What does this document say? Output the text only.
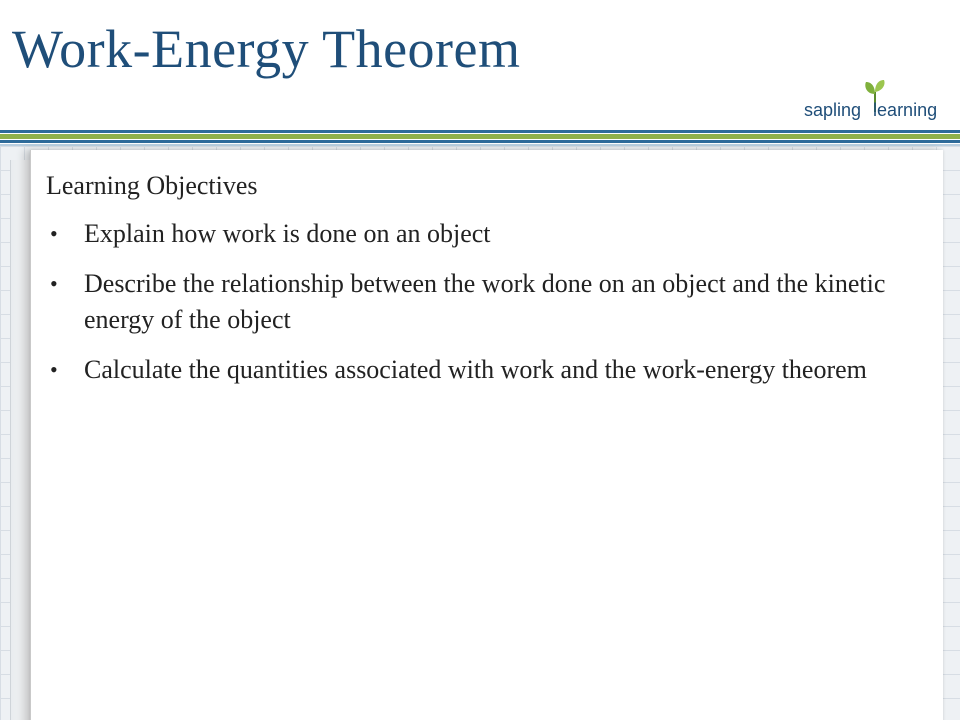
Work-Energy Theorem
sapling learning

Learning Objectives

• Explain how work is done on an object
• Describe the relationship between the work done on an object and the kinetic energy of the object
• Calculate the quantities associated with work and the work-energy theorem
